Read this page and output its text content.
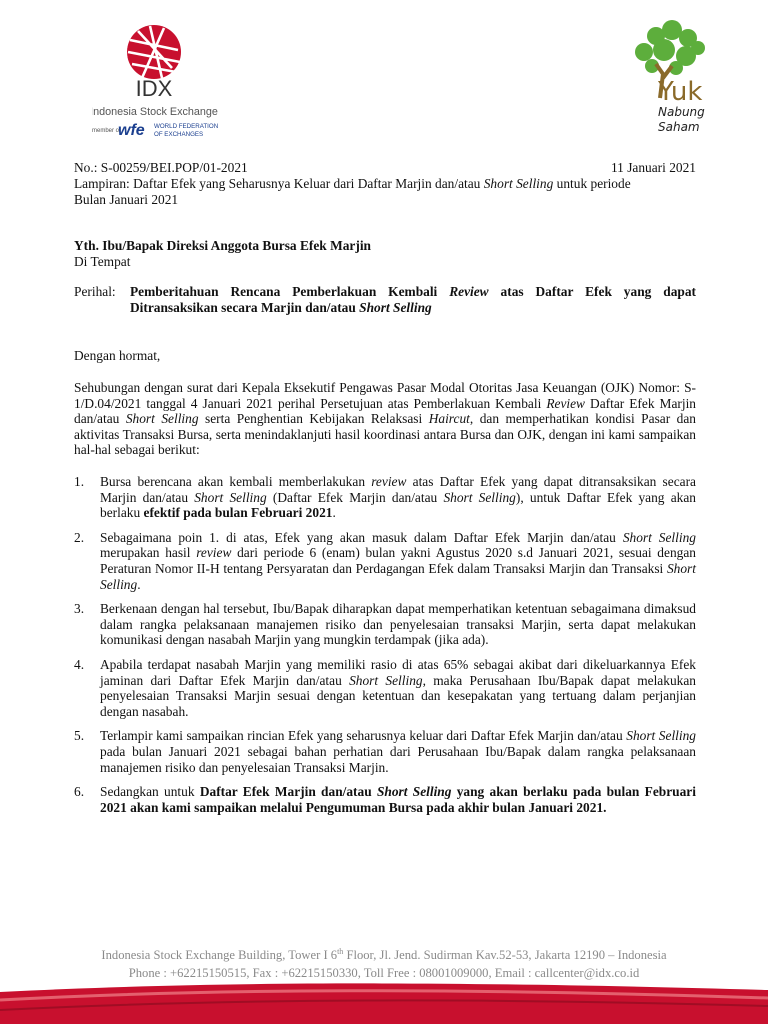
IDX
Indonesia Stock Exchange
member of
wfe WORLD FEDERATION
OF EXCHANGES
Yuk
Nabung
Saham
No.: S-00259/BEI.POP/01-2021	11 Januari 2021
Lampiran: Daftar Efek yang Seharusnya Keluar dari Daftar Marjin dan/atau Short Selling untuk periode
Bulan Januari 2021
Yth. Ibu/Bapak Direksi Anggota Bursa Efek Marjin
Di Tempat
Perihal:	Pemberitahuan Rencana Pemberlakuan Kembali Review atas Daftar Efek yang dapat Ditransaksikan secara Marjin dan/atau Short Selling
Dengan hormat,
Sehubungan dengan surat dari Kepala Eksekutif Pengawas Pasar Modal Otoritas Jasa Keuangan (OJK) Nomor: S-1/D.04/2021 tanggal 4 Januari 2021 perihal Persetujuan atas Pemberlakuan Kembali Review Daftar Efek Marjin dan/atau Short Selling serta Penghentian Kebijakan Relaksasi Haircut, dan memperhatikan kondisi Pasar dan aktivitas Transaksi Bursa, serta menindaklanjuti hasil koordinasi antara Bursa dan OJK, dengan ini kami sampaikan hal-hal sebagai berikut:
1.	Bursa berencana akan kembali memberlakukan review atas Daftar Efek yang dapat ditransaksikan secara Marjin dan/atau Short Selling (Daftar Efek Marjin dan/atau Short Selling), untuk Daftar Efek yang akan berlaku efektif pada bulan Februari 2021.
2.	Sebagaimana poin 1. di atas, Efek yang akan masuk dalam Daftar Efek Marjin dan/atau Short Selling merupakan hasil review dari periode 6 (enam) bulan yakni Agustus 2020 s.d Januari 2021, sesuai dengan Peraturan Nomor II-H tentang Persyaratan dan Perdagangan Efek dalam Transaksi Marjin dan Transaksi Short Selling.
3.	Berkenaan dengan hal tersebut, Ibu/Bapak diharapkan dapat memperhatikan ketentuan sebagaimana dimaksud dalam rangka pelaksanaan manajemen risiko dan penyelesaian transaksi Marjin, serta dapat melakukan komunikasi dengan nasabah Marjin yang mungkin terdampak (jika ada).
4.	Apabila terdapat nasabah Marjin yang memiliki rasio di atas 65% sebagai akibat dari dikeluarkannya Efek jaminan dari Daftar Efek Marjin dan/atau Short Selling, maka Perusahaan Ibu/Bapak dapat melakukan penyelesaian Transaksi Marjin sesuai dengan ketentuan dan kesepakatan yang tertuang dalam perjanjian dengan nasabah.
5.	Terlampir kami sampaikan rincian Efek yang seharusnya keluar dari Daftar Efek Marjin dan/atau Short Selling pada bulan Januari 2021 sebagai bahan perhatian dari Perusahaan Ibu/Bapak dalam rangka pelaksanaan manajemen risiko dan penyelesaian Transaksi Marjin.
6.	Sedangkan untuk Daftar Efek Marjin dan/atau Short Selling yang akan berlaku pada bulan Februari 2021 akan kami sampaikan melalui Pengumuman Bursa pada akhir bulan Januari 2021.
Indonesia Stock Exchange Building, Tower I 6th Floor, Jl. Jend. Sudirman Kav.52-53, Jakarta 12190 – Indonesia
Phone : +62215150515, Fax : +62215150330, Toll Free : 08001009000, Email : callcenter@idx.co.id
